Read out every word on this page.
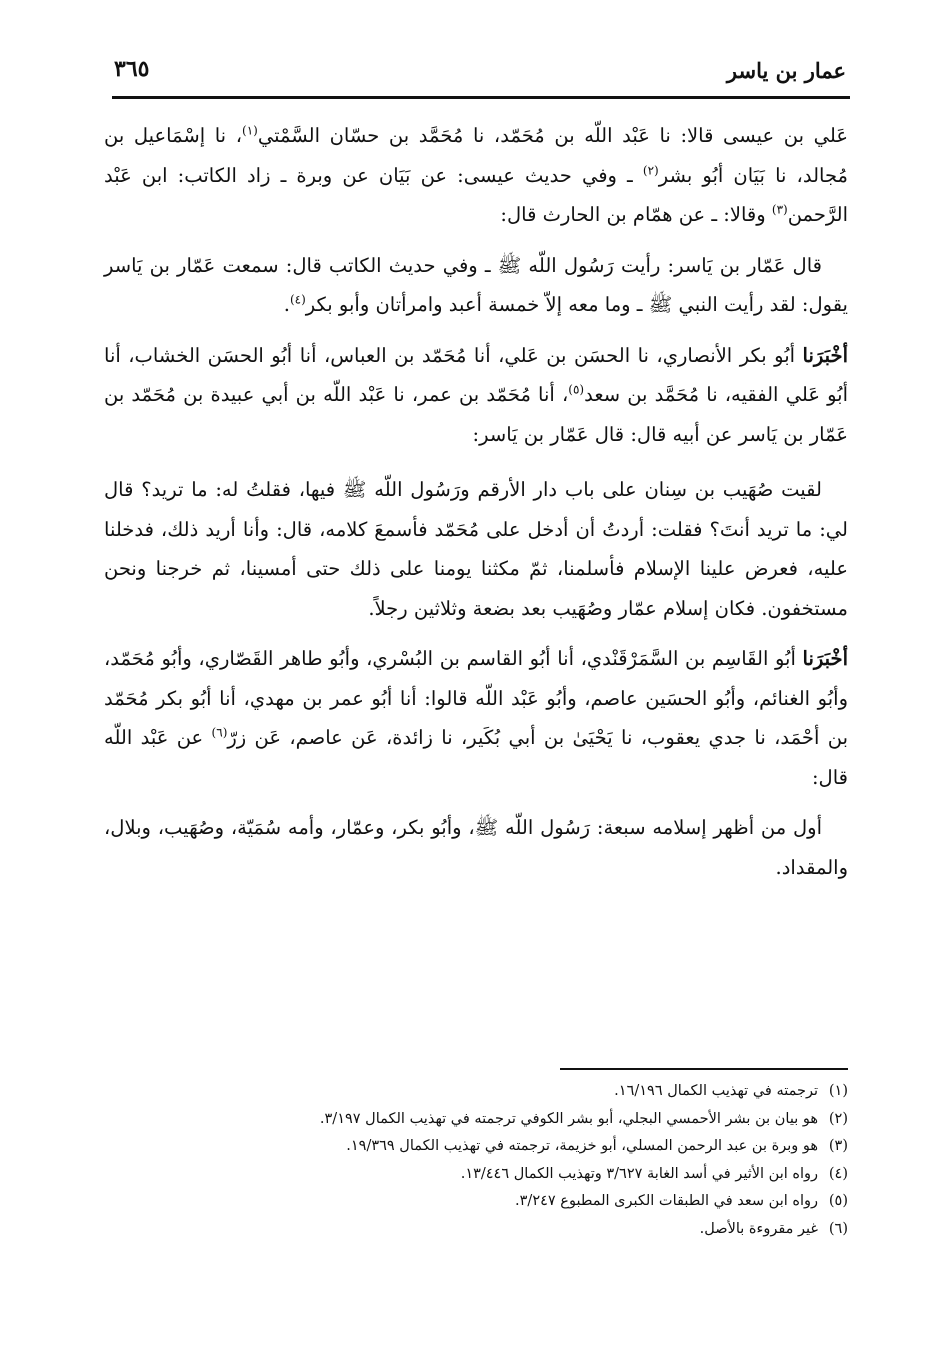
عمار بن ياسر
٣٦٥

عَلي بن عيسى قالا: نا عَبْد اللّه بن مُحَمّد، نا مُحَمَّد بن حسّان السَّمْتي$^{(١)}$، نا إسْمَاعيل بن مُجالد، نا بَيَان أبُو بشر$^{(٢)}$ ـ وفي حديث عيسى: عن بَيَان عن وبرة ـ زاد الكاتب: ابن عَبْد الرَّحمن$^{(٣)}$ وقالا: ـ عن همّام بن الحارث قال:

قال عَمّار بن يَاسر: رأيت رَسُول اللّه ﷺ ـ وفي حديث الكاتب قال: سمعت عَمّار بن يَاسر يقول: لقد رأيت النبي ﷺ ـ وما معه إلاّ خمسة أعبد وامرأتان وأبو بكر$^{(٤)}$.

أخْبَرَنا أبُو بكر الأنصاري، نا الحسَن بن عَلي، أنا مُحَمّد بن العباس، أنا أبُو الحسَن الخشاب، أنا أبُو عَلي الفقيه، نا مُحَمَّد بن سعد$^{(٥)}$، أنا مُحَمّد بن عمر، نا عَبْد اللّه بن أبي عبيدة بن مُحَمّد بن عَمّار بن يَاسر عن أبيه قال: قال عَمّار بن يَاسر:

لقيت صُهَيب بن سِنان على باب دار الأرقم ورَسُول اللّه ﷺ فيها، فقلتُ له: ما تريد؟ قال لي: ما تريد أنتَ؟ فقلت: أردتُ أن أدخل على مُحَمّد فأسمعَ كلامه، قال: وأنا أريد ذلك، فدخلنا عليه، فعرض علينا الإسلام فأسلمنا، ثمّ مكثنا يومنا على ذلك حتى أمسينا، ثم خرجنا ونحن مستخفون. فكان إسلام عمّار وصُهَيب بعد بضعة وثلاثين رجلاً.

أخْبَرَنا أبُو القَاسِم بن السَّمَرْقَنْدي، أنا أبُو القاسم بن البُسْري، وأبُو طاهر القَصّاري، وأبُو مُحَمّد، وأبُو الغنائم، وأبُو الحسَين عاصم، وأبُو عَبْد اللّه قالوا: أنا أبُو عمر بن مهدي، أنا أبُو بكر مُحَمّد بن أحْمَد، نا جدي يعقوب، نا يَحْيَىٰ بن أبي بُكَير، نا زائدة، عَن عاصم، عَن زرّ$^{(٦)}$ عن عَبْد اللّه قال:

أول من أظهر إسلامه سبعة: رَسُول اللّه ﷺ، وأبُو بكر، وعمّار، وأمه سُمَيّة، وصُهَيب، وبلال، والمقداد.

(١)ترجمته في تهذيب الكمال ١٦/١٩٦.
(٢)هو بيان بن بشر الأحمسي البجلي، أبو بشر الكوفي ترجمته في تهذيب الكمال ٣/١٩٧.
(٣)هو وبرة بن عبد الرحمن المسلي، أبو خزيمة، ترجمته في تهذيب الكمال ١٩/٣٦٩.
(٤)رواه ابن الأثير في أسد الغابة ٣/٦٢٧ وتهذيب الكمال ١٣/٤٤٦.
(٥)رواه ابن سعد في الطبقات الكبرى المطبوع ٣/٢٤٧.
(٦)غير مقروءة بالأصل.
